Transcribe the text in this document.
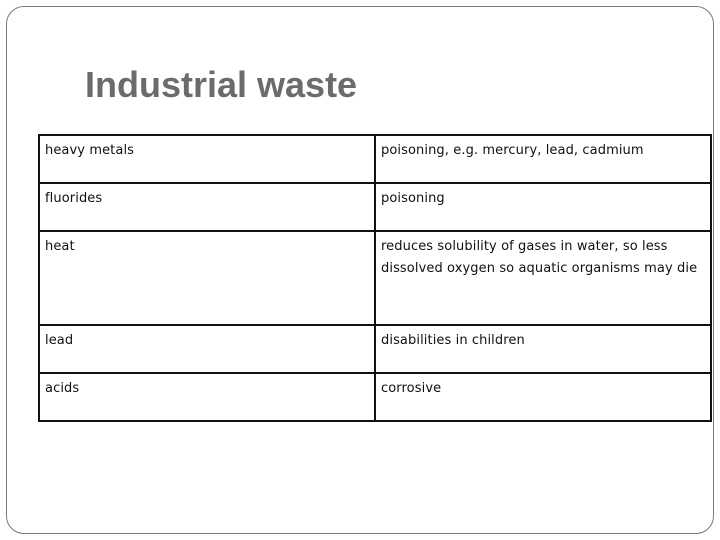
Industrial waste
heavy metals	poisoning, e.g. mercury, lead, cadmium
fluorides	poisoning
heat	reduces solubility of gases in water, so less dissolved oxygen so aquatic organisms may die
lead	disabilities in children
acids	corrosive
